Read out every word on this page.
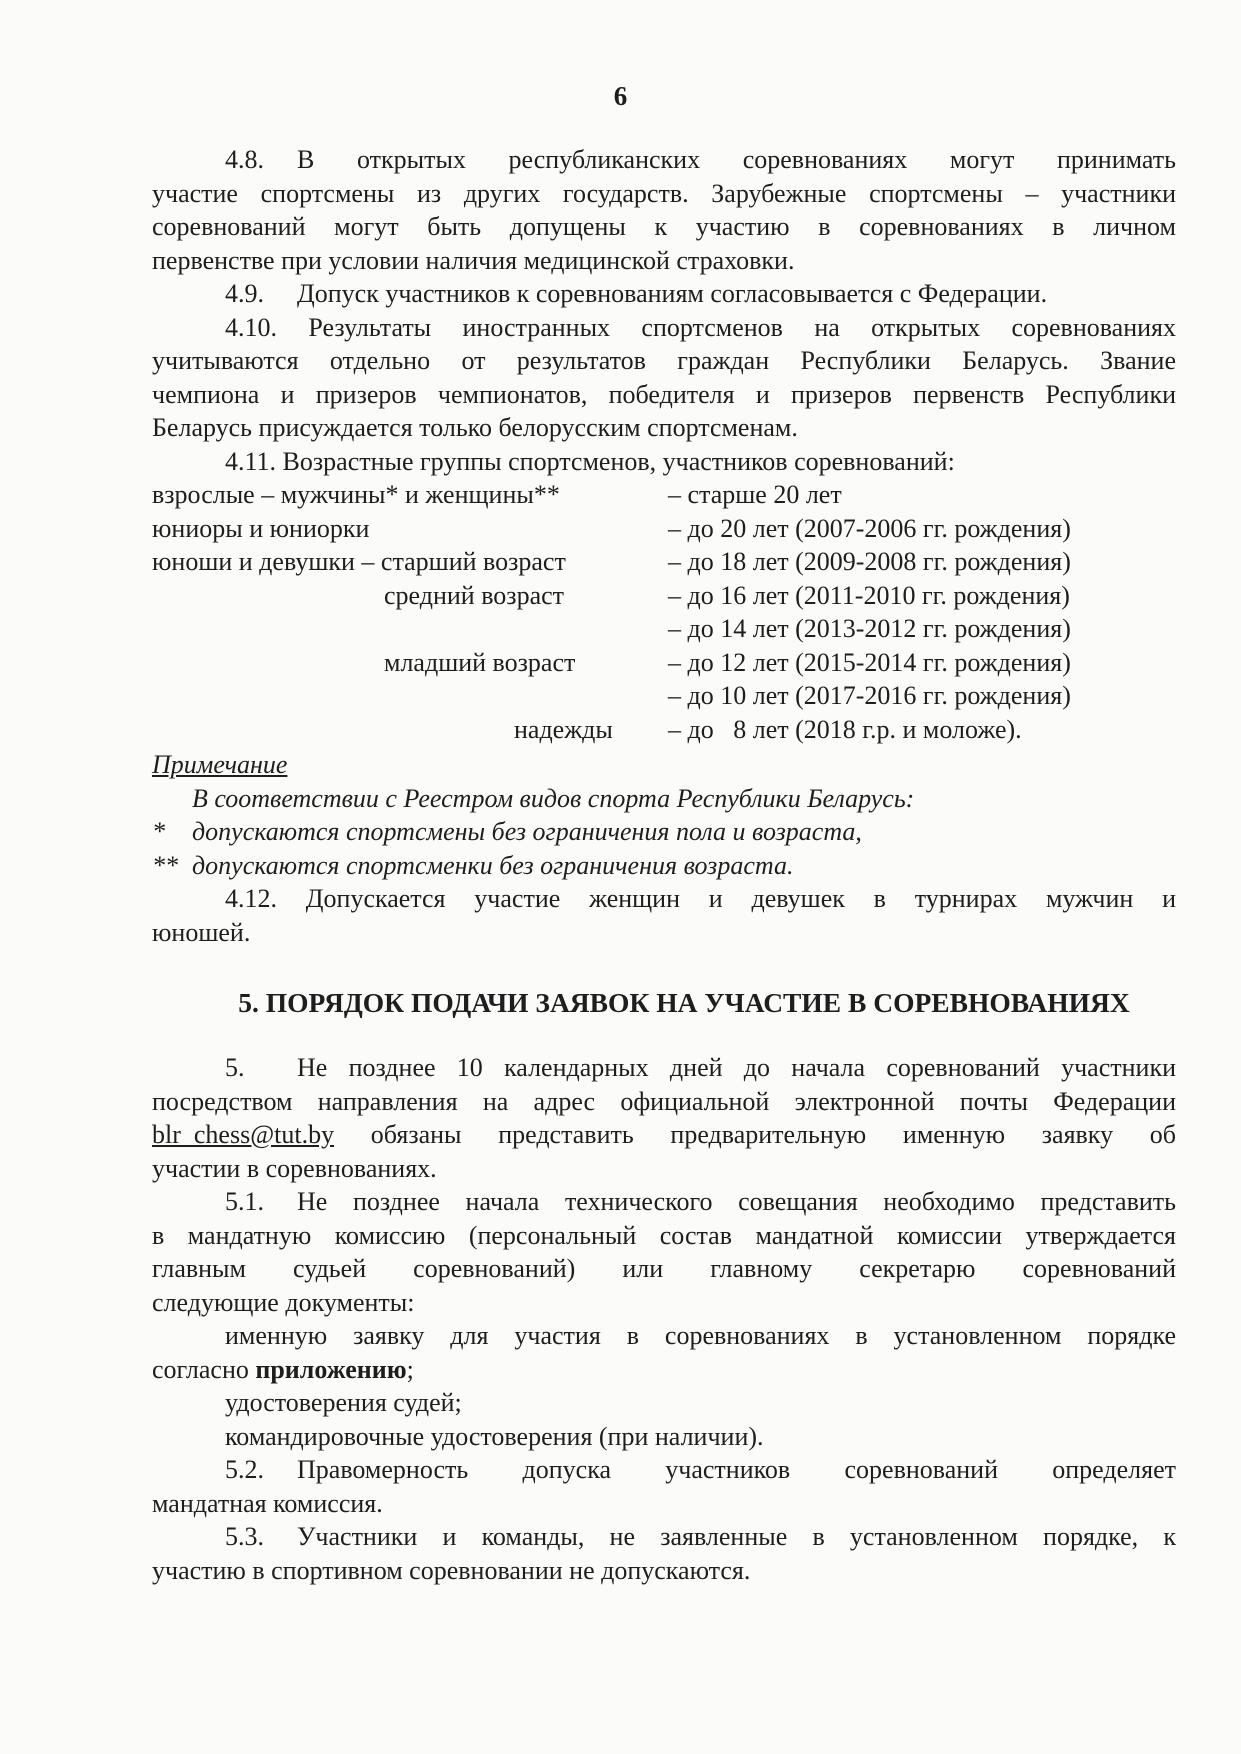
6
4.8. В открытых республиканских соревнованиях могут принимать
участие спортсмены из других государств. Зарубежные спортсмены – участники
соревнований могут быть допущены к участию в соревнованиях в личном
первенстве при условии наличия медицинской страховки.
4.9. Допуск участников к соревнованиям согласовывается с Федерации.
4.10. Результаты иностранных спортсменов на открытых соревнованиях
учитываются отдельно от результатов граждан Республики Беларусь. Звание
чемпиона и призеров чемпионатов, победителя и призеров первенств Республики
Беларусь присуждается только белорусским спортсменам.
4.11. Возрастные группы спортсменов, участников соревнований:
взрослые – мужчины* и женщины**	– старше 20 лет
юниоры и юниорки	– до 20 лет (2007-2006 гг. рождения)
юноши и девушки – старший возраст	– до 18 лет (2009-2008 гг. рождения)
средний возраст	– до 16 лет (2011-2010 гг. рождения)
– до 14 лет (2013-2012 гг. рождения)
младший возраст	– до 12 лет (2015-2014 гг. рождения)
– до 10 лет (2017-2016 гг. рождения)
надежды – до   8 лет (2018 г.р. и моложе).
Примечание
В соответствии с Реестром видов спорта Республики Беларусь:
* допускаются спортсмены без ограничения пола и возраста,
** допускаются спортсменки без ограничения возраста.
4.12. Допускается участие женщин и девушек в турнирах мужчин и
юношей.
5. ПОРЯДОК ПОДАЧИ ЗАЯВОК НА УЧАСТИЕ В СОРЕВНОВАНИЯХ
5. Не позднее 10 календарных дней до начала соревнований участники
посредством направления на адрес официальной электронной почты Федерации
blr_chess@tut.by обязаны представить предварительную именную заявку об
участии в соревнованиях.
5.1. Не позднее начала технического совещания необходимо представить
в мандатную комиссию (персональный состав мандатной комиссии утверждается
главным судьей соревнований) или главному секретарю соревнований
следующие документы:
именную заявку для участия в соревнованиях в установленном порядке
согласно приложению;
удостоверения судей;
командировочные удостоверения (при наличии).
5.2. Правомерность допуска участников соревнований определяет
мандатная комиссия.
5.3. Участники и команды, не заявленные в установленном порядке, к
участию в спортивном соревновании не допускаются.
